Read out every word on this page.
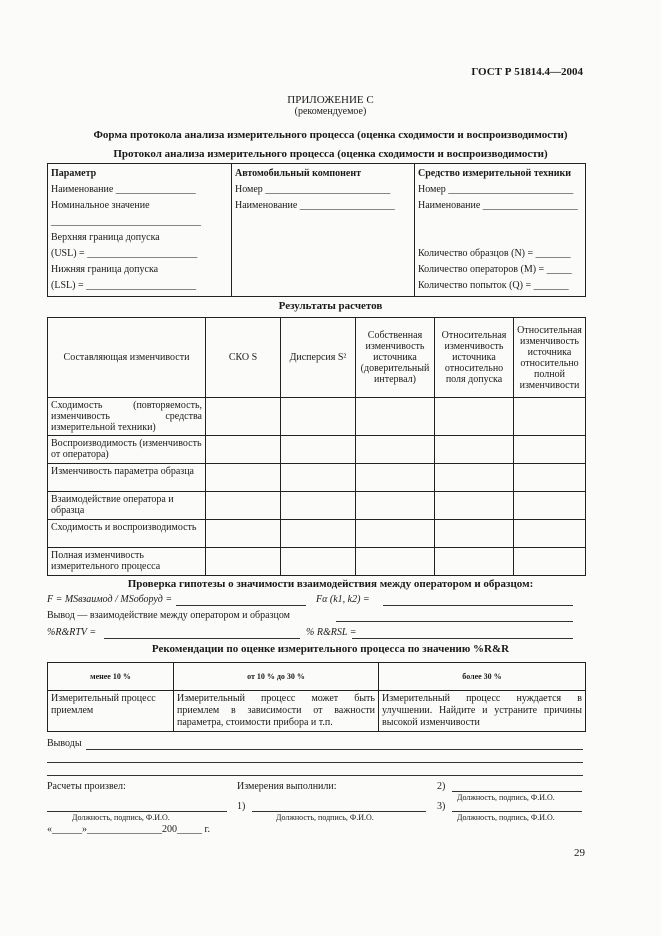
ГОСТ Р 51814.4—2004
ПРИЛОЖЕНИЕ С
(рекомендуемое)
Форма протокола анализа измерительного процесса (оценка сходимости и воспроизводимости)
Протокол анализа измерительного процесса (оценка сходимости и воспроизводимости)
Параметр
Наименование ________________
Номинальное значение
______________________________
Верхняя граница допуска
(USL) = ______________________
Нижняя граница допуска
(LSL) = ______________________

Автомобильный компонент
Номер _________________________
Наименование ___________________

Средство измерительной техники
Номер _________________________
Наименование ___________________

Количество образцов (N) = _______
Количество операторов (M) = _____
Количество попыток (Q) = _______
Результаты расчетов
Составляющая изменчивости	СКО S	Дисперсия S²	Собственная изменчивость источника (доверительный интервал)	Относительная изменчивость источника относительно поля допуска	Относительная изменчивость источника относительно полной изменчивости
Сходимость (повторяемость, изменчивость средства измерительной техники)					
Воспроизводимость (изменчивость от оператора)					
Изменчивость параметра образца					
Взаимодействие оператора и образца					
Сходимость и воспроизводимость					
Полная изменчивость измерительного процесса					
Проверка гипотезы о значимости взаимодействия между оператором и образцом:
F = MSвзаимод / MSоборуд =	Fα (k1, k2) =
Вывод — взаимодействие между оператором и образцом
%R&RTV =	% R&RSL =
Рекомендации по оценке измерительного процесса по значению %R&R
менее 10 %	от 10 % до 30 %	более 30 %
Измерительный процесс приемлем	Измерительный процесс может быть приемлем в зависимости от важности параметра, стоимости прибора и т.п.	Измерительный процесс нуждается в улучшении. Найдите и устраните причины высокой изменчивости
Выводы
Расчеты произвел:	Измерения выполнили:	2)
Должность, подпись, Ф.И.О.
1)	3)
Должность, подпись, Ф.И.О.	Должность, подпись, Ф.И.О.	Должность, подпись, Ф.И.О.
«______»_______________200_____ г.
29
